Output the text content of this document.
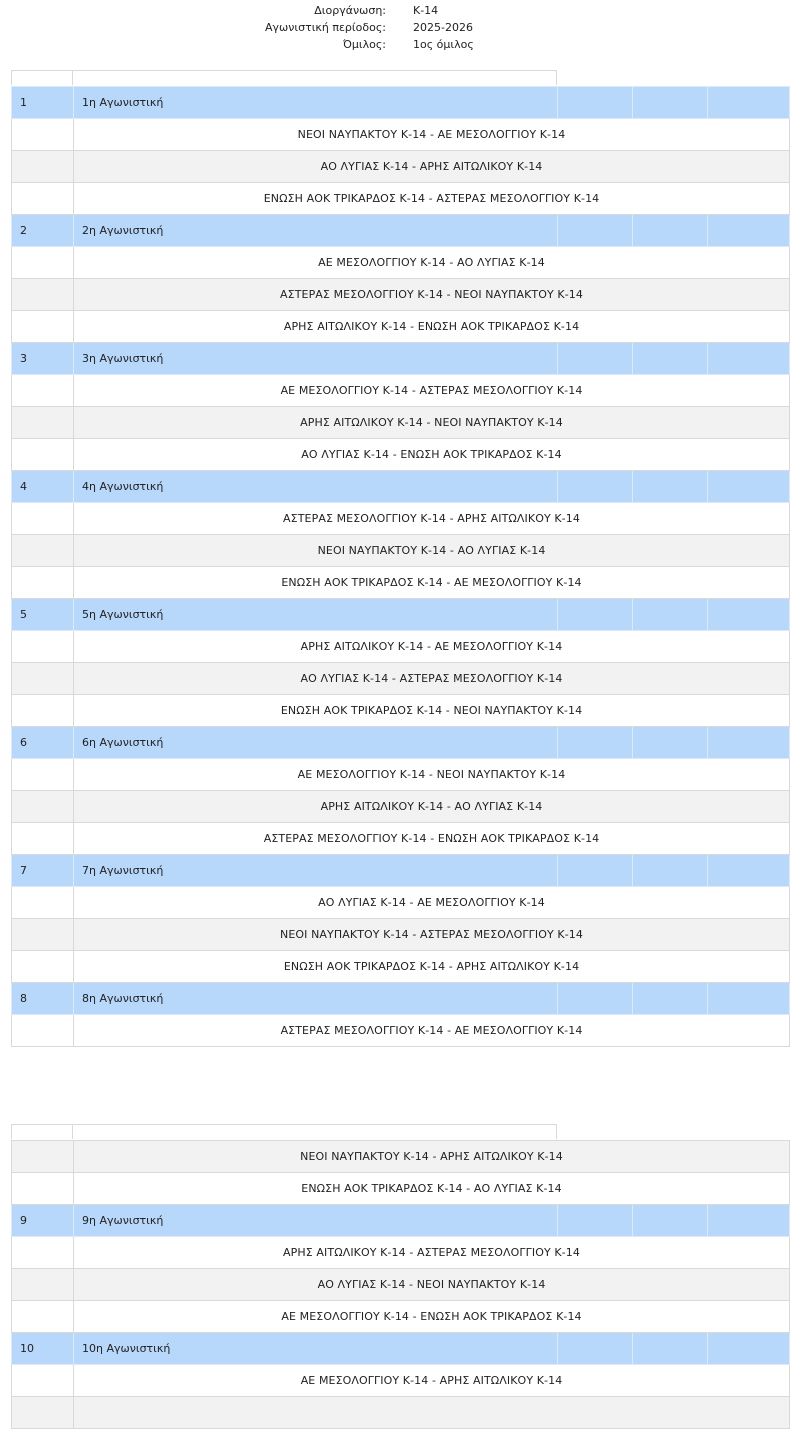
Διοργάνωση: Κ-14
Αγωνιστική περίοδος: 2025-2026
Όμιλος: 1ος όμιλος
1	1η Αγωνιστική			
	ΝΕΟΙ ΝΑΥΠΑΚΤΟΥ Κ-14 - ΑΕ ΜΕΣΟΛΟΓΓΙΟΥ Κ-14			
	ΑΟ ΛΥΓΙΑΣ Κ-14 - ΑΡΗΣ ΑΙΤΩΛΙΚΟΥ Κ-14			
	ΕΝΩΣΗ ΑΟΚ ΤΡΙΚΑΡΔΟΣ Κ-14 - ΑΣΤΕΡΑΣ ΜΕΣΟΛΟΓΓΙΟΥ Κ-14			
2	2η Αγωνιστική			
	ΑΕ ΜΕΣΟΛΟΓΓΙΟΥ Κ-14 - ΑΟ ΛΥΓΙΑΣ Κ-14			
	ΑΣΤΕΡΑΣ ΜΕΣΟΛΟΓΓΙΟΥ Κ-14 - ΝΕΟΙ ΝΑΥΠΑΚΤΟΥ Κ-14			
	ΑΡΗΣ ΑΙΤΩΛΙΚΟΥ Κ-14 - ΕΝΩΣΗ ΑΟΚ ΤΡΙΚΑΡΔΟΣ Κ-14			
3	3η Αγωνιστική			
	ΑΕ ΜΕΣΟΛΟΓΓΙΟΥ Κ-14 - ΑΣΤΕΡΑΣ ΜΕΣΟΛΟΓΓΙΟΥ Κ-14			
	ΑΡΗΣ ΑΙΤΩΛΙΚΟΥ Κ-14 - ΝΕΟΙ ΝΑΥΠΑΚΤΟΥ Κ-14			
	ΑΟ ΛΥΓΙΑΣ Κ-14 - ΕΝΩΣΗ ΑΟΚ ΤΡΙΚΑΡΔΟΣ Κ-14			
4	4η Αγωνιστική			
	ΑΣΤΕΡΑΣ ΜΕΣΟΛΟΓΓΙΟΥ Κ-14 - ΑΡΗΣ ΑΙΤΩΛΙΚΟΥ Κ-14			
	ΝΕΟΙ ΝΑΥΠΑΚΤΟΥ Κ-14 - ΑΟ ΛΥΓΙΑΣ Κ-14			
	ΕΝΩΣΗ ΑΟΚ ΤΡΙΚΑΡΔΟΣ Κ-14 - ΑΕ ΜΕΣΟΛΟΓΓΙΟΥ Κ-14			
5	5η Αγωνιστική			
	ΑΡΗΣ ΑΙΤΩΛΙΚΟΥ Κ-14 - ΑΕ ΜΕΣΟΛΟΓΓΙΟΥ Κ-14			
	ΑΟ ΛΥΓΙΑΣ Κ-14 - ΑΣΤΕΡΑΣ ΜΕΣΟΛΟΓΓΙΟΥ Κ-14			
	ΕΝΩΣΗ ΑΟΚ ΤΡΙΚΑΡΔΟΣ Κ-14 - ΝΕΟΙ ΝΑΥΠΑΚΤΟΥ Κ-14			
6	6η Αγωνιστική			
	ΑΕ ΜΕΣΟΛΟΓΓΙΟΥ Κ-14 - ΝΕΟΙ ΝΑΥΠΑΚΤΟΥ Κ-14			
	ΑΡΗΣ ΑΙΤΩΛΙΚΟΥ Κ-14 - ΑΟ ΛΥΓΙΑΣ Κ-14			
	ΑΣΤΕΡΑΣ ΜΕΣΟΛΟΓΓΙΟΥ Κ-14 - ΕΝΩΣΗ ΑΟΚ ΤΡΙΚΑΡΔΟΣ Κ-14			
7	7η Αγωνιστική			
	ΑΟ ΛΥΓΙΑΣ Κ-14 - ΑΕ ΜΕΣΟΛΟΓΓΙΟΥ Κ-14			
	ΝΕΟΙ ΝΑΥΠΑΚΤΟΥ Κ-14 - ΑΣΤΕΡΑΣ ΜΕΣΟΛΟΓΓΙΟΥ Κ-14			
	ΕΝΩΣΗ ΑΟΚ ΤΡΙΚΑΡΔΟΣ Κ-14 - ΑΡΗΣ ΑΙΤΩΛΙΚΟΥ Κ-14			
8	8η Αγωνιστική			
	ΑΣΤΕΡΑΣ ΜΕΣΟΛΟΓΓΙΟΥ Κ-14 - ΑΕ ΜΕΣΟΛΟΓΓΙΟΥ Κ-14			
	ΝΕΟΙ ΝΑΥΠΑΚΤΟΥ Κ-14 - ΑΡΗΣ ΑΙΤΩΛΙΚΟΥ Κ-14			
	ΕΝΩΣΗ ΑΟΚ ΤΡΙΚΑΡΔΟΣ Κ-14 - ΑΟ ΛΥΓΙΑΣ Κ-14			
9	9η Αγωνιστική			
	ΑΡΗΣ ΑΙΤΩΛΙΚΟΥ Κ-14 - ΑΣΤΕΡΑΣ ΜΕΣΟΛΟΓΓΙΟΥ Κ-14			
	ΑΟ ΛΥΓΙΑΣ Κ-14 - ΝΕΟΙ ΝΑΥΠΑΚΤΟΥ Κ-14			
	ΑΕ ΜΕΣΟΛΟΓΓΙΟΥ Κ-14 - ΕΝΩΣΗ ΑΟΚ ΤΡΙΚΑΡΔΟΣ Κ-14			
10	10η Αγωνιστική			
	ΑΕ ΜΕΣΟΛΟΓΓΙΟΥ Κ-14 - ΑΡΗΣ ΑΙΤΩΛΙΚΟΥ Κ-14			
